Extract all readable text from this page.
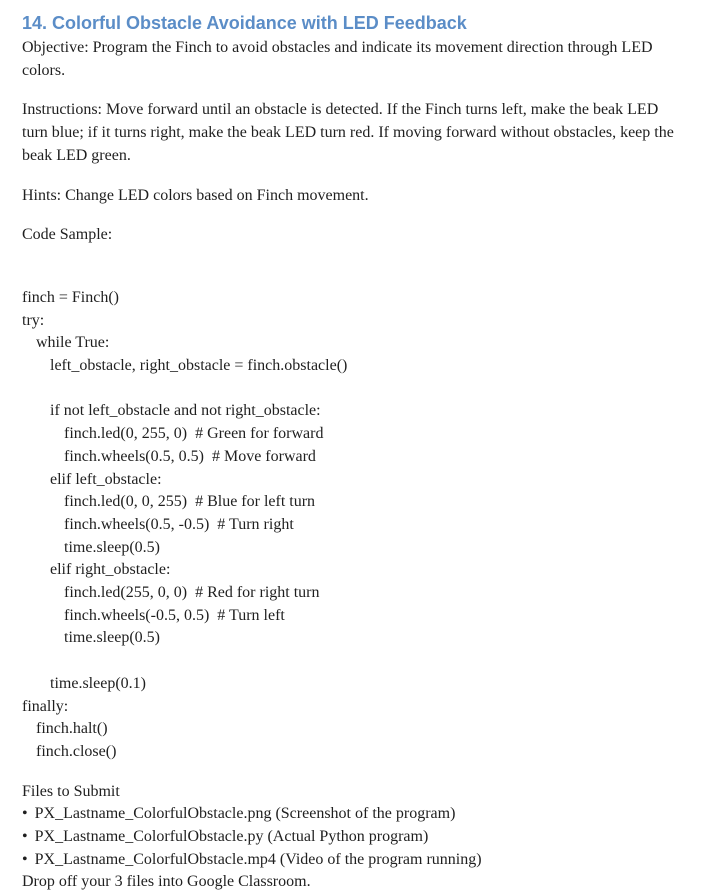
14. Colorful Obstacle Avoidance with LED Feedback

Objective: Program the Finch to avoid obstacles and indicate its movement direction through LED colors.

Instructions: Move forward until an obstacle is detected. If the Finch turns left, make the beak LED turn blue; if it turns right, make the beak LED turn red. If moving forward without obstacles, keep the beak LED green.

Hints: Change LED colors based on Finch movement.

Code Sample:

finch = Finch()
try:
while True:
left_obstacle, right_obstacle = finch.obstacle()
if not left_obstacle and not right_obstacle:
finch.led(0, 255, 0)  # Green for forward
finch.wheels(0.5, 0.5)  # Move forward
elif left_obstacle:
finch.led(0, 0, 255)  # Blue for left turn
finch.wheels(0.5, -0.5)  # Turn right
time.sleep(0.5)
elif right_obstacle:
finch.led(255, 0, 0)  # Red for right turn
finch.wheels(-0.5, 0.5)  # Turn left
time.sleep(0.5)
time.sleep(0.1)
finally:
finch.halt()
finch.close()
Files to Submit
• PX_Lastname_ColorfulObstacle.png (Screenshot of the program)
• PX_Lastname_ColorfulObstacle.py (Actual Python program)
• PX_Lastname_ColorfulObstacle.mp4 (Video of the program running)
Drop off your 3 files into Google Classroom.
